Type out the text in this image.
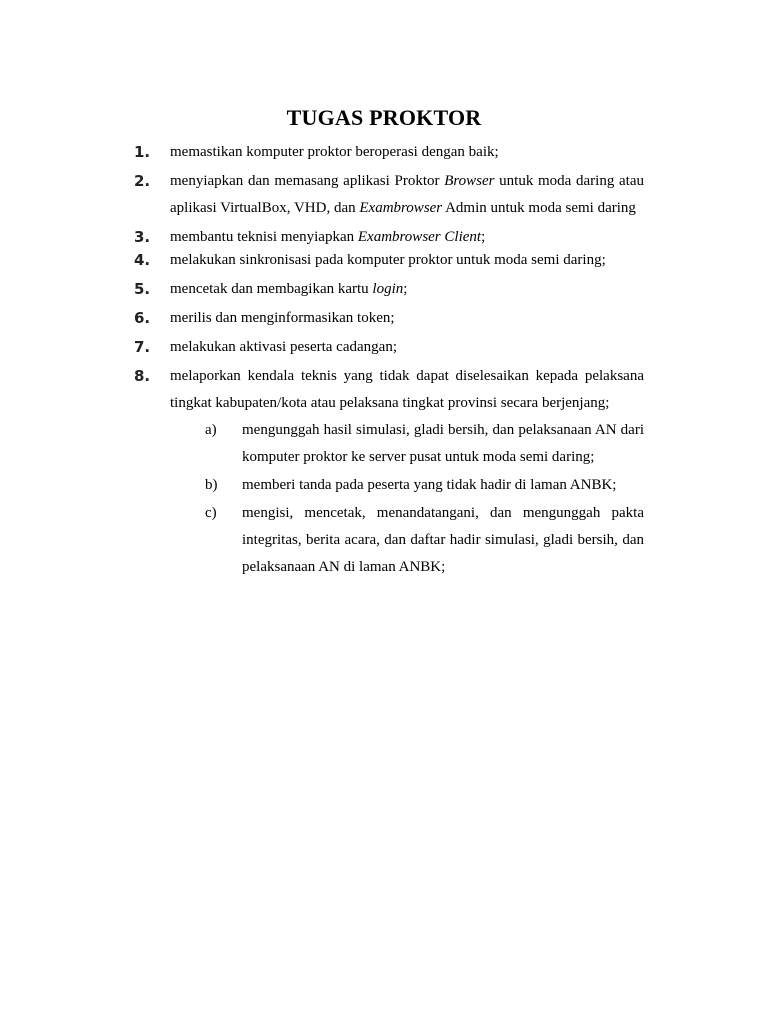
TUGAS PROKTOR
1. memastikan komputer proktor beroperasi dengan baik;
2. menyiapkan dan memasang aplikasi Proktor Browser untuk moda daring atau
aplikasi VirtualBox, VHD, dan Exambrowser Admin untuk moda semi daring
3. membantu teknisi menyiapkan Exambrowser Client;
4. melakukan sinkronisasi pada komputer proktor untuk moda semi daring;
5. mencetak dan membagikan kartu login;
6. merilis dan menginformasikan token;
7. melakukan aktivasi peserta cadangan;
8. melaporkan kendala teknis yang tidak dapat diselesaikan kepada pelaksana
tingkat kabupaten/kota atau pelaksana tingkat provinsi secara berjenjang;
a) mengunggah hasil simulasi, gladi bersih, dan pelaksanaan AN dari
komputer proktor ke server pusat untuk moda semi daring;
b) memberi tanda pada peserta yang tidak hadir di laman ANBK;
c) mengisi, mencetak, menandatangani, dan mengunggah pakta
integritas, berita acara, dan daftar hadir simulasi, gladi bersih, dan
pelaksanaan AN di laman ANBK;
